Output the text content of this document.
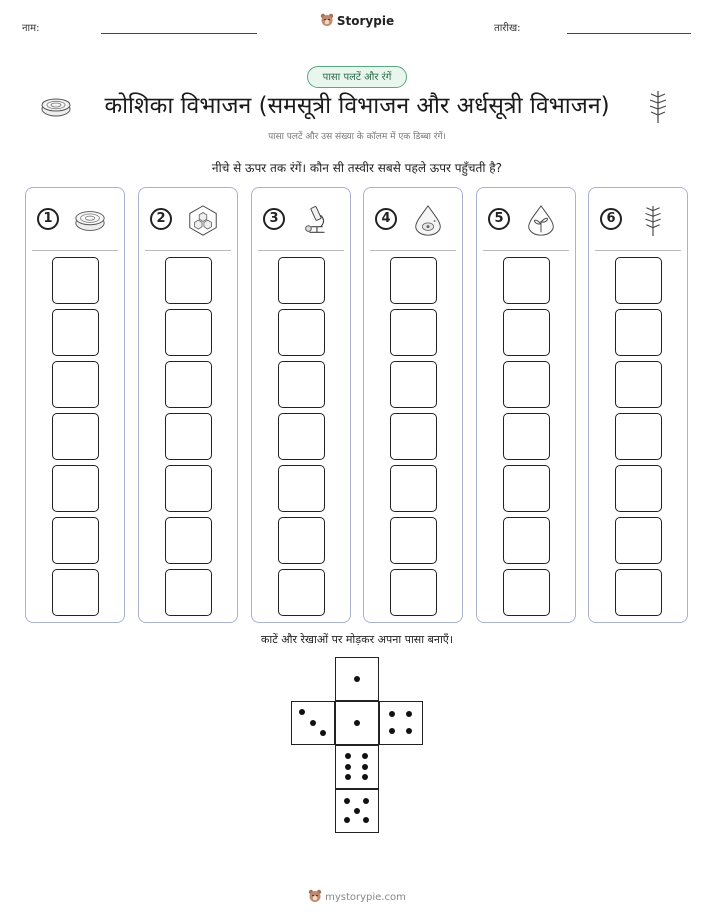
नाम:
Storypie
तारीख:
पासा पलटें और रंगें
कोशिका विभाजन (समसूत्री विभाजन और अर्धसूत्री विभाजन)
पासा पलटें और उस संख्या के कॉलम में एक डिब्बा रंगें।
नीचे से ऊपर तक रंगें। कौन सी तस्वीर सबसे पहले ऊपर पहुँचती है?
1	2	3	4	5	6
काटें और रेखाओं पर मोड़कर अपना पासा बनाएँ।
mystorypie.com
